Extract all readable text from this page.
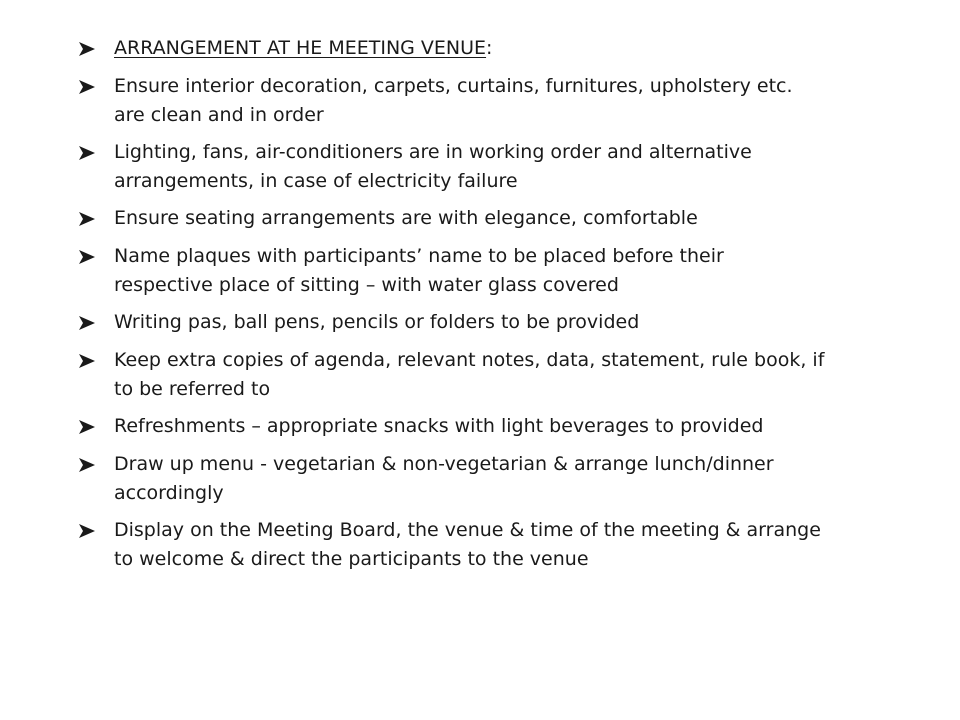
ARRANGEMENT AT HE MEETING VENUE:
Ensure interior decoration, carpets, curtains, furnitures, upholstery etc.
are clean and in order
Lighting, fans, air-conditioners are in working order and alternative
arrangements, in case of electricity failure
Ensure seating arrangements are with elegance, comfortable
Name plaques with participants’ name to be placed before their
respective place of sitting – with water glass covered
Writing pas, ball pens, pencils or folders to be provided
Keep extra copies of agenda, relevant notes, data, statement, rule book, if
to be referred to
Refreshments – appropriate snacks with light beverages to provided
Draw up menu - vegetarian & non-vegetarian & arrange lunch/dinner
accordingly
Display on the Meeting Board, the venue & time of the meeting & arrange
to welcome & direct the participants to the venue
